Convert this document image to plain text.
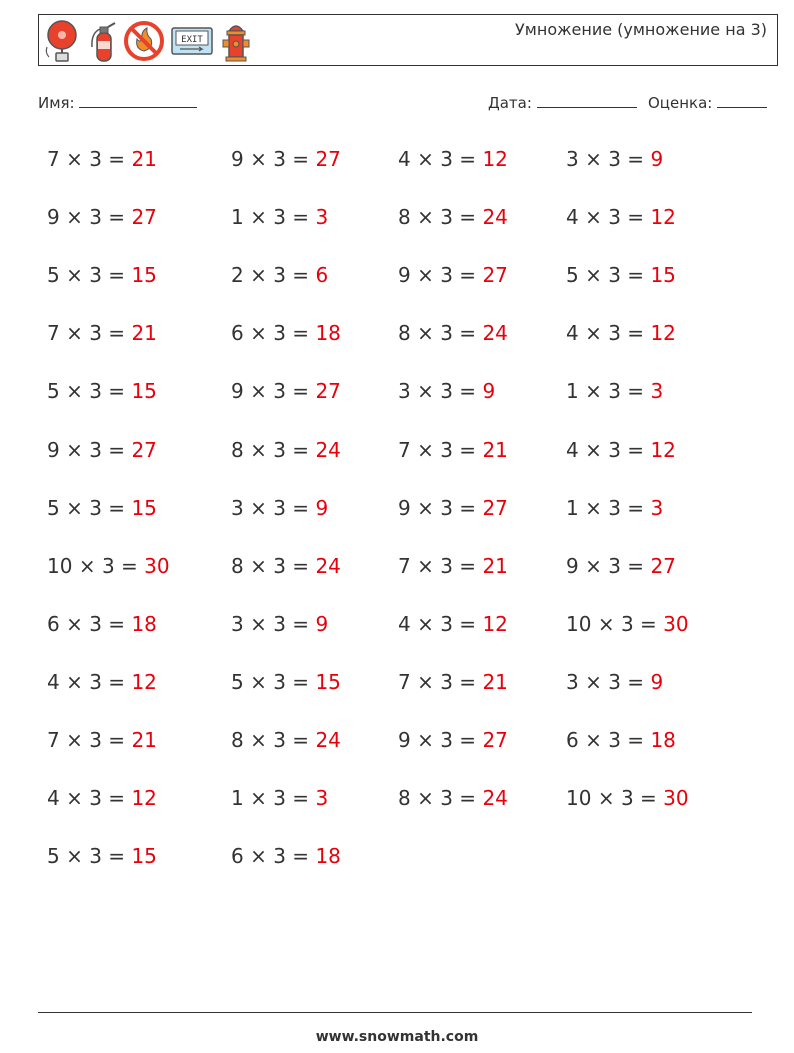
EXIT
Умножение (умножение на 3)
Имя:	Дата:	Оценка:
7 × 3 = 21
9 × 3 = 27
5 × 3 = 15
7 × 3 = 21
5 × 3 = 15
9 × 3 = 27
5 × 3 = 15
10 × 3 = 30
6 × 3 = 18
4 × 3 = 12
7 × 3 = 21
4 × 3 = 12
5 × 3 = 15
9 × 3 = 27
1 × 3 = 3
2 × 3 = 6
6 × 3 = 18
9 × 3 = 27
8 × 3 = 24
3 × 3 = 9
8 × 3 = 24
3 × 3 = 9
5 × 3 = 15
8 × 3 = 24
1 × 3 = 3
6 × 3 = 18
4 × 3 = 12
8 × 3 = 24
9 × 3 = 27
8 × 3 = 24
3 × 3 = 9
7 × 3 = 21
9 × 3 = 27
7 × 3 = 21
4 × 3 = 12
7 × 3 = 21
9 × 3 = 27
8 × 3 = 24
3 × 3 = 9
4 × 3 = 12
5 × 3 = 15
4 × 3 = 12
1 × 3 = 3
4 × 3 = 12
1 × 3 = 3
9 × 3 = 27
10 × 3 = 30
3 × 3 = 9
6 × 3 = 18
10 × 3 = 30
www.snowmath.com
